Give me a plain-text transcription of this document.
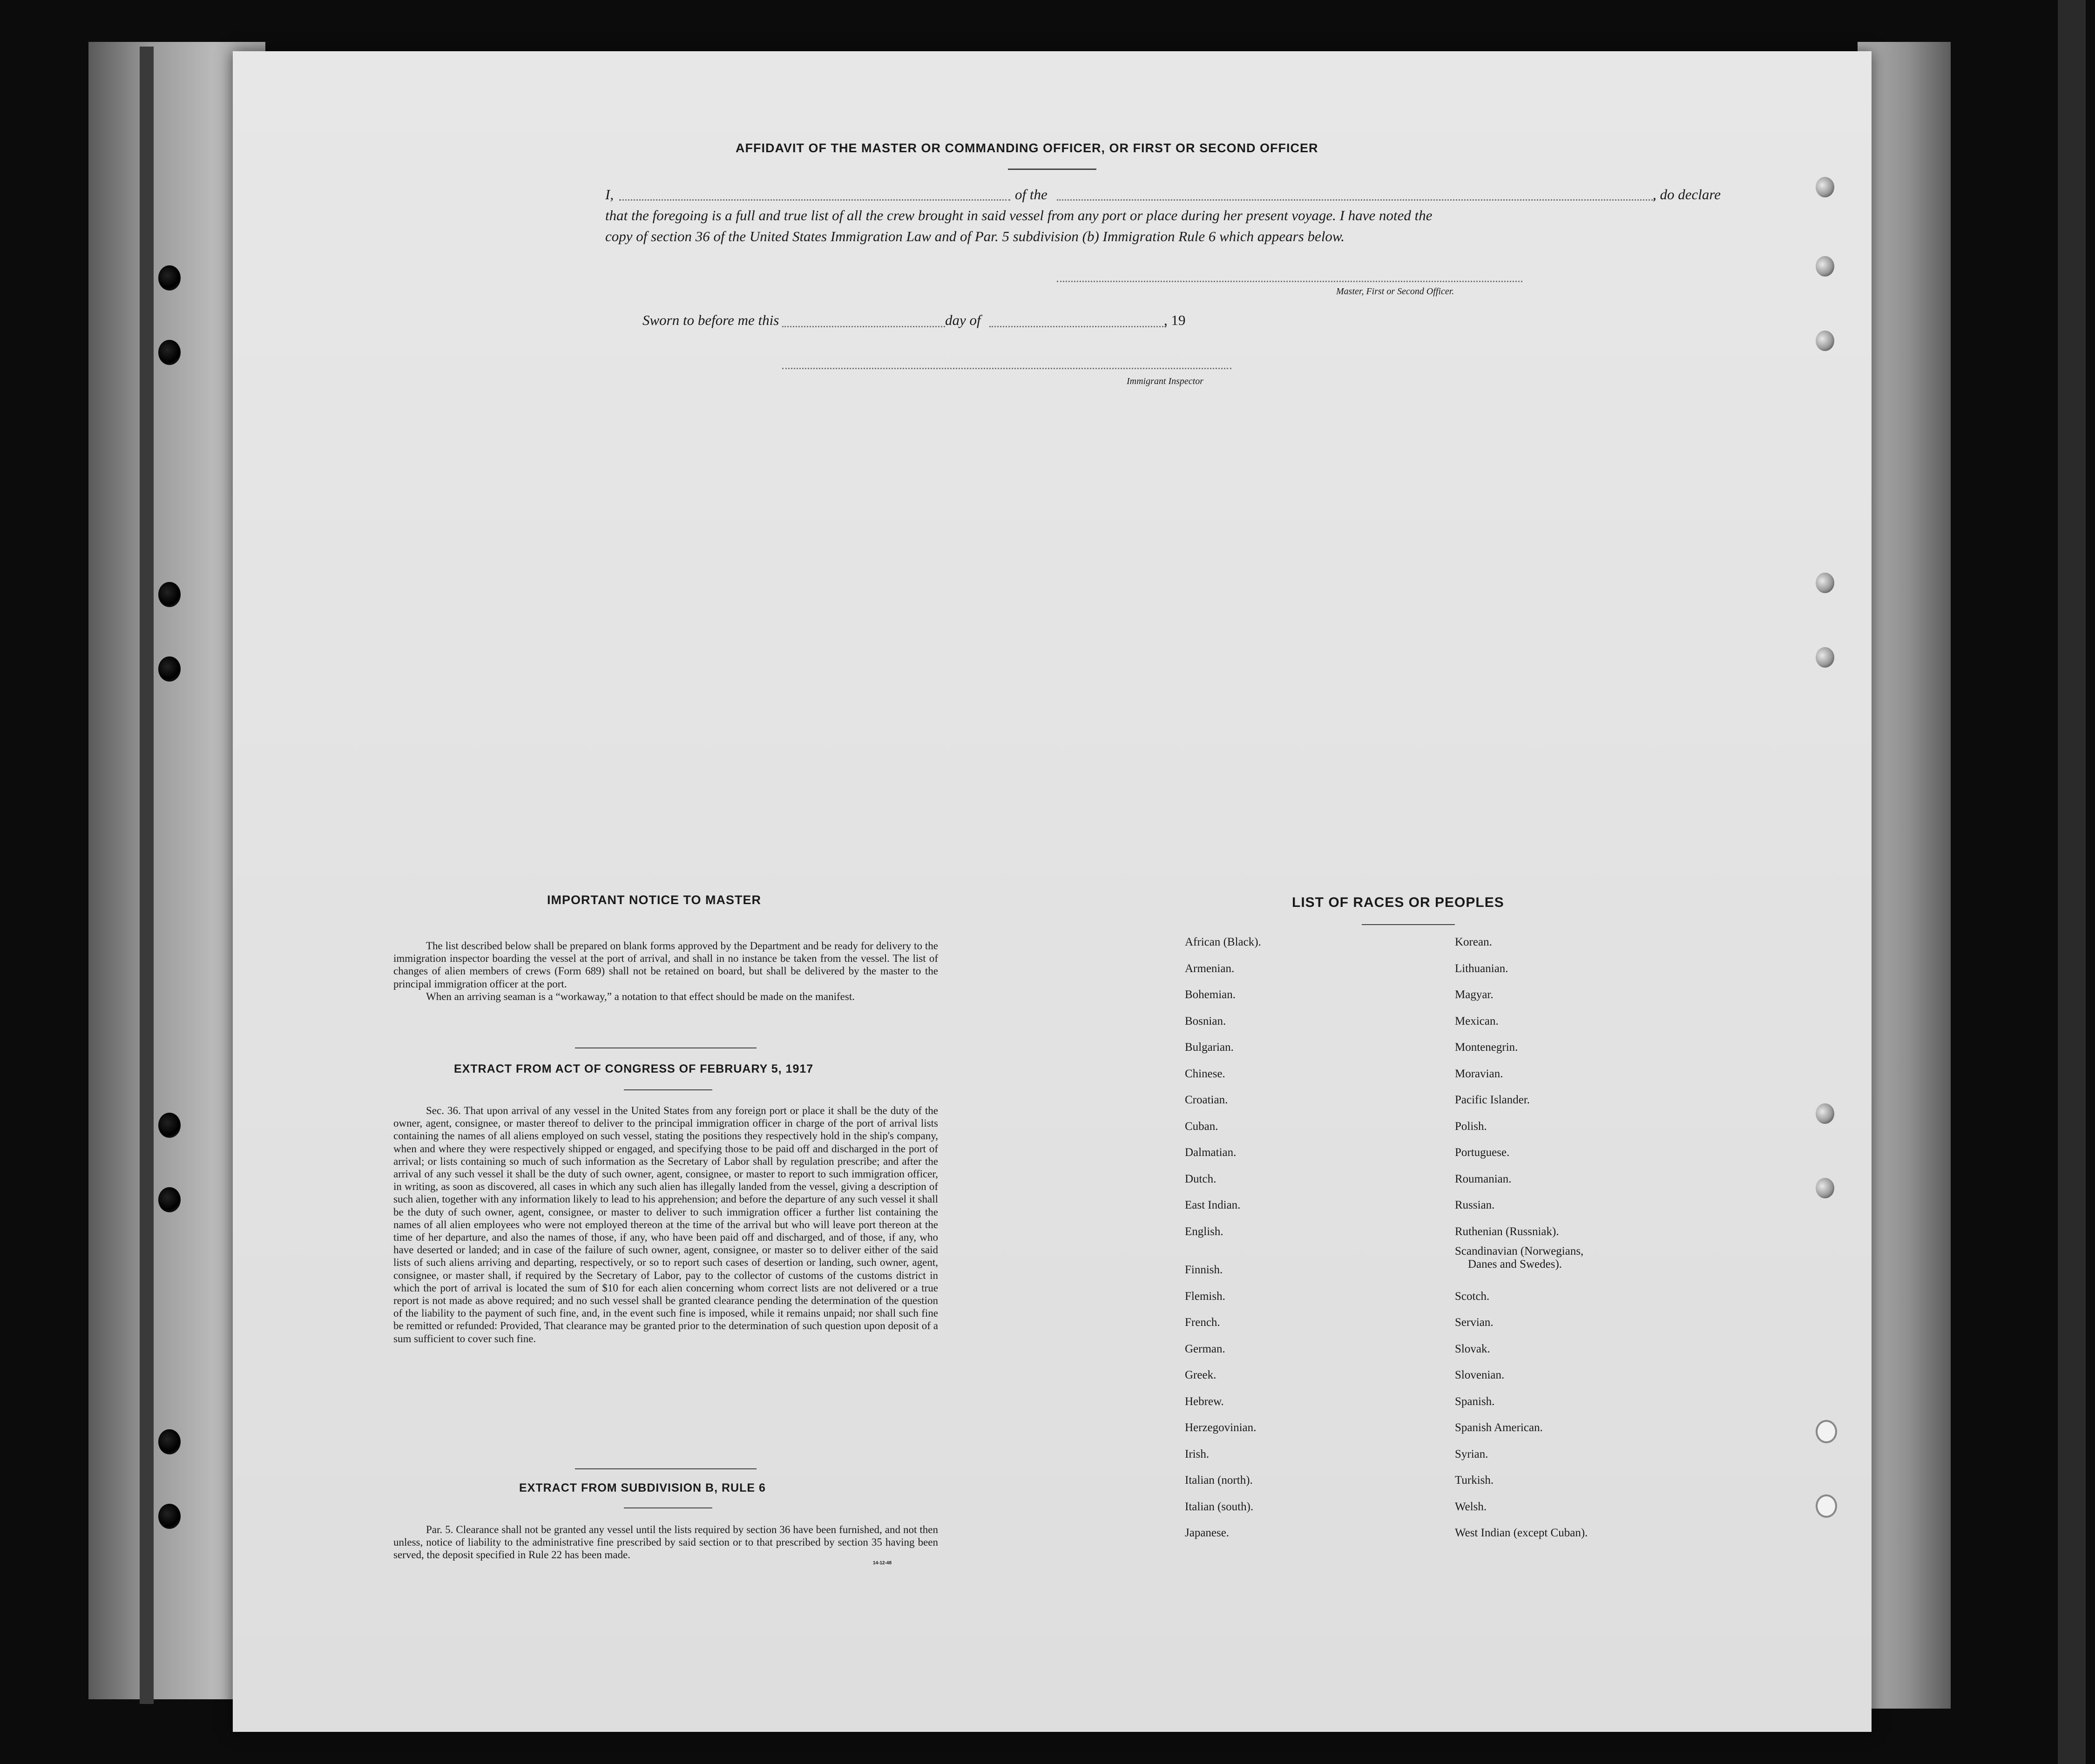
AFFIDAVIT OF THE MASTER OR COMMANDING OFFICER, OR FIRST OR SECOND OFFICER
I,	of the	, do declare
that the foregoing is a full and true list of all the crew brought in said vessel from any port or place during her present voyage. I have noted the
copy of section 36 of the United States Immigration Law and of Par. 5 subdivision (b) Immigration Rule 6 which appears below.
Master, First or Second Officer.
Sworn to before me this	day of	, 19
Immigrant Inspector
IMPORTANT NOTICE TO MASTER

The list described below shall be prepared on blank forms approved by the Department and be ready for delivery to the immigration inspector boarding the vessel at the port of arrival, and shall in no instance be taken from the vessel. The list of changes of alien members of crews (Form 689) shall not be retained on board, but shall be delivered by the master to the principal immigration officer at the port.

When an arriving seaman is a “workaway,” a notation to that effect should be made on the manifest.

EXTRACT FROM ACT OF CONGRESS OF FEBRUARY 5, 1917

Sec. 36. That upon arrival of any vessel in the United States from any foreign port or place it shall be the duty of the owner, agent, consignee, or master thereof to deliver to the principal immigration officer in charge of the port of arrival lists containing the names of all aliens employed on such vessel, stating the positions they respectively hold in the ship's company, when and where they were respectively shipped or engaged, and specifying those to be paid off and discharged in the port of arrival; or lists containing so much of such information as the Secretary of Labor shall by regulation prescribe; and after the arrival of any such vessel it shall be the duty of such owner, agent, consignee, or master to report to such immigration officer, in writing, as soon as discovered, all cases in which any such alien has illegally landed from the vessel, giving a description of such alien, together with any information likely to lead to his apprehension; and before the departure of any such vessel it shall be the duty of such owner, agent, consignee, or master to deliver to such immigration officer a further list containing the names of all alien employees who were not employed thereon at the time of the arrival but who will leave port thereon at the time of her departure, and also the names of those, if any, who have been paid off and discharged, and of those, if any, who have deserted or landed; and in case of the failure of such owner, agent, consignee, or master so to deliver either of the said lists of such aliens arriving and departing, respectively, or so to report such cases of desertion or landing, such owner, agent, consignee, or master shall, if required by the Secretary of Labor, pay to the collector of customs of the customs district in which the port of arrival is located the sum of $10 for each alien concerning whom correct lists are not delivered or a true report is not made as above required; and no such vessel shall be granted clearance pending the determination of the question of the liability to the payment of such fine, and, in the event such fine is imposed, while it remains unpaid; nor shall such fine be remitted or refunded: Provided, That clearance may be granted prior to the determination of such question upon deposit of a sum sufficient to cover such fine.

EXTRACT FROM SUBDIVISION B, RULE 6

Par. 5. Clearance shall not be granted any vessel until the lists required by section 36 have been furnished, and not then unless, notice of liability to the administrative fine prescribed by said section or to that prescribed by section 35 having been served, the deposit specified in Rule 22 has been made.

14-12-48
LIST OF RACES OR PEOPLES
African (Black).
Armenian.
Bohemian.
Bosnian.
Bulgarian.
Chinese.
Croatian.
Cuban.
Dalmatian.
Dutch.
East Indian.
English.
Finnish.
Flemish.
French.
German.
Greek.
Hebrew.
Herzegovinian.
Irish.
Italian (north).
Italian (south).
Japanese.
Korean.
Lithuanian.
Magyar.
Mexican.
Montenegrin.
Moravian.
Pacific Islander.
Polish.
Portuguese.
Roumanian.
Russian.
Ruthenian (Russniak).
Scandinavian (Norwegians,
Danes and Swedes).
Scotch.
Servian.
Slovak.
Slovenian.
Spanish.
Spanish American.
Syrian.
Turkish.
Welsh.
West Indian (except Cuban).
